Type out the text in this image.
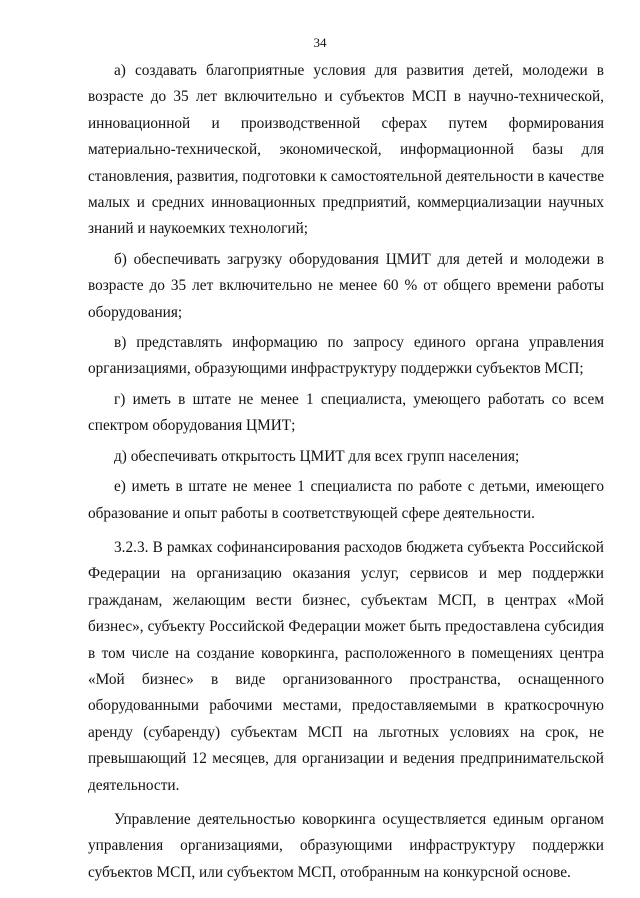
34

а) создавать благоприятные условия для развития детей, молодежи в возрасте до 35 лет включительно и субъектов МСП в научно-технической, инновационной и производственной сферах путем формирования материально-технической, экономической, информационной базы для становления, развития, подготовки к самостоятельной деятельности в качестве малых и средних инновационных предприятий, коммерциализации научных знаний и наукоемких технологий;

б) обеспечивать загрузку оборудования ЦМИТ для детей и молодежи в возрасте до 35 лет включительно не менее 60 % от общего времени работы оборудования;

в) представлять информацию по запросу единого органа управления организациями, образующими инфраструктуру поддержки субъектов МСП;

г) иметь в штате не менее 1 специалиста, умеющего работать со всем спектром оборудования ЦМИТ;

д) обеспечивать открытость ЦМИТ для всех групп населения;

е) иметь в штате не менее 1 специалиста по работе с детьми, имеющего образование и опыт работы в соответствующей сфере деятельности.

3.2.3. В рамках софинансирования расходов бюджета субъекта Российской Федерации на организацию оказания услуг, сервисов и мер поддержки гражданам, желающим вести бизнес, субъектам МСП, в центрах «Мой бизнес», субъекту Российской Федерации может быть предоставлена субсидия в том числе на создание коворкинга, расположенного в помещениях центра «Мой бизнес» в виде организованного пространства, оснащенного оборудованными рабочими местами, предоставляемыми в краткосрочную аренду (субаренду) субъектам МСП на льготных условиях на срок, не превышающий 12 месяцев, для организации и ведения предпринимательской деятельности.

Управление деятельностью коворкинга осуществляется единым органом управления организациями, образующими инфраструктуру поддержки субъектов МСП, или субъектом МСП, отобранным на конкурсной основе.
